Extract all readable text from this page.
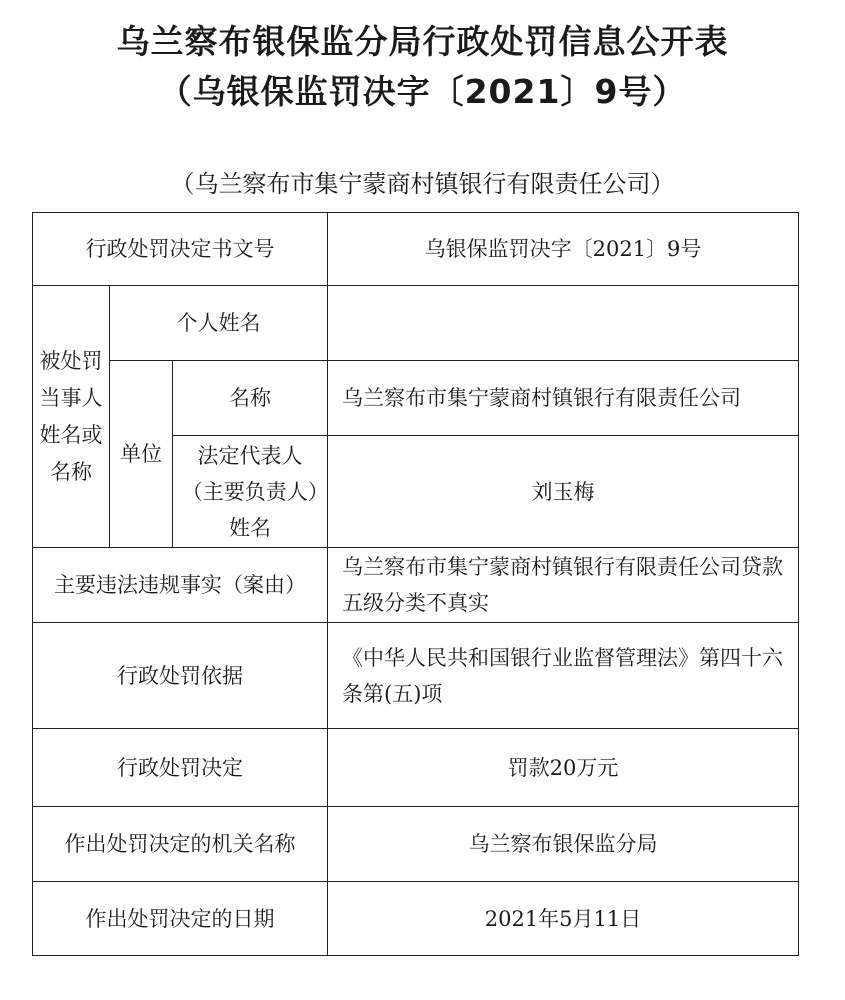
乌兰察布银保监分局行政处罚信息公开表
（乌银保监罚决字〔2021〕9号）
（乌兰察布市集宁蒙商村镇银行有限责任公司）
行政处罚决定书文号			乌银保监罚决字〔2021〕9号
被处罚当事人姓名或名称	个人姓名		
	单位	名称	乌兰察布市集宁蒙商村镇银行有限责任公司
		法定代表人（主要负责人）姓名	刘玉梅
主要违法违规事实（案由）			乌兰察布市集宁蒙商村镇银行有限责任公司贷款五级分类不真实
行政处罚依据			《中华人民共和国银行业监督管理法》第四十六条第(五)项
行政处罚决定			罚款20万元
作出处罚决定的机关名称			乌兰察布银保监分局
作出处罚决定的日期			2021年5月11日
